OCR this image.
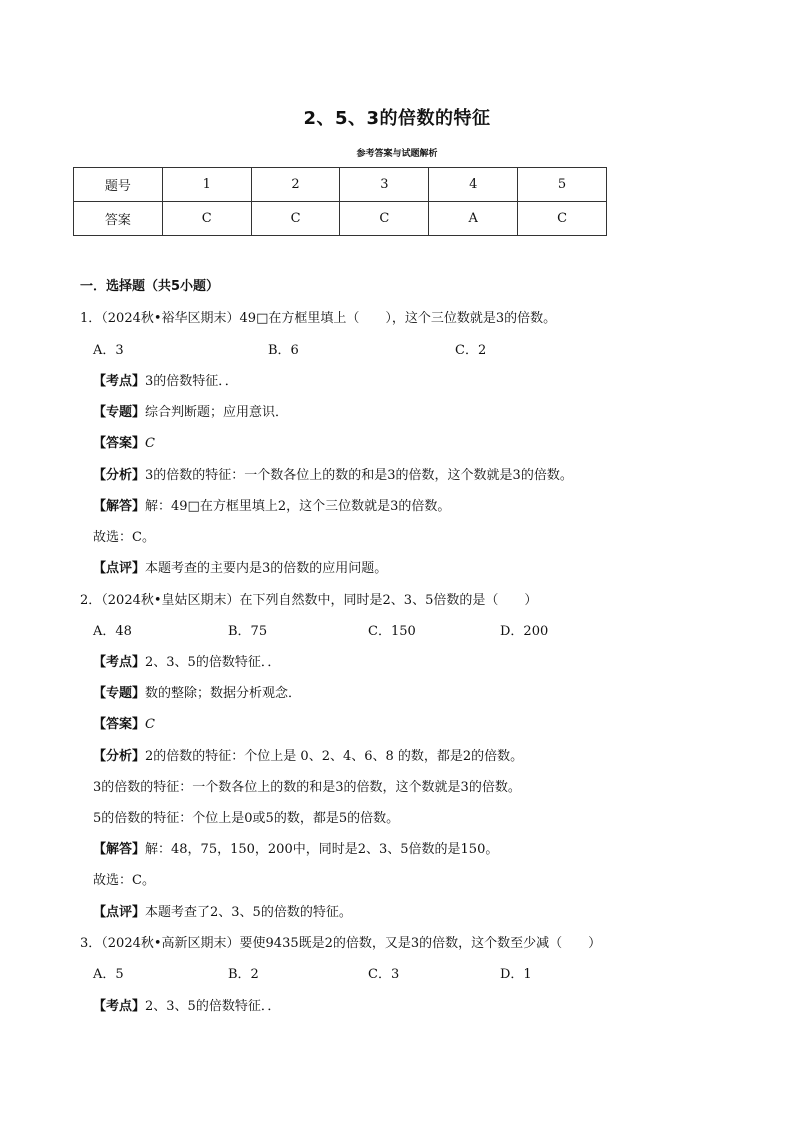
2、5、3的倍数的特征
参考答案与试题解析
题号	1	2	3	4	5
答案	C	C	C	A	C
一．选择题（共5小题）
1．（2024秋•裕华区期末）49□在方框里填上（　　），这个三位数就是3的倍数。
A．3	B．6	C．2
【考点】3的倍数特征．．
【专题】综合判断题；应用意识．
【答案】C
【分析】3的倍数的特征：一个数各位上的数的和是3的倍数，这个数就是3的倍数。
【解答】解：49□在方框里填上2，这个三位数就是3的倍数。
故选：C。
【点评】本题考查的主要内是3的倍数的应用问题。
2．（2024秋•皇姑区期末）在下列自然数中，同时是2、3、5倍数的是（　　）
A．48	B．75	C．150	D．200
【考点】2、3、5的倍数特征．．
【专题】数的整除；数据分析观念．
【答案】C
【分析】2的倍数的特征：个位上是 0、2、4、6、8 的数，都是2的倍数。
3的倍数的特征：一个数各位上的数的和是3的倍数，这个数就是3的倍数。
5的倍数的特征：个位上是0或5的数，都是5的倍数。
【解答】解：48，75，150，200中，同时是2、3、5倍数的是150。
故选：C。
【点评】本题考查了2、3、5的倍数的特征。
3．（2024秋•高新区期末）要使9435既是2的倍数，又是3的倍数，这个数至少减（　　）
A．5	B．2	C．3	D．1
【考点】2、3、5的倍数特征．．
